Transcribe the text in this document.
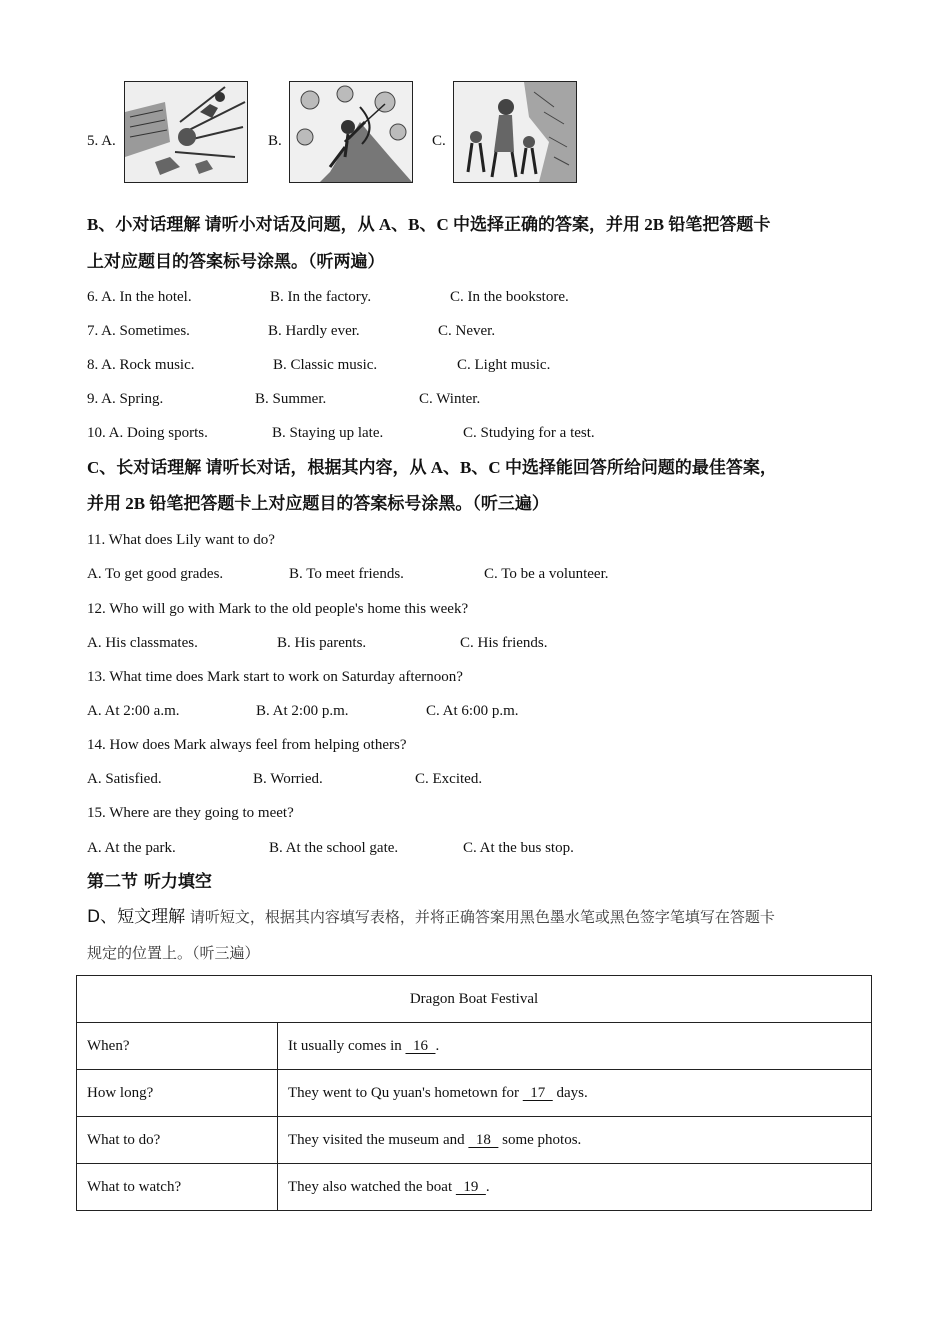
5. A.	B.	C.
B、小对话理解 请听小对话及问题，从 A、B、C 中选择正确的答案，并用 2B 铅笔把答题卡
上对应题目的答案标号涂黑。（听两遍）
6. A. In the hotel.	B. In the factory.	C. In the bookstore.
7. A. Sometimes.	B. Hardly ever.	C. Never.
8. A. Rock music.	B. Classic music.	C. Light music.
9. A. Spring.	B. Summer.	C. Winter.
10. A. Doing sports.	B. Staying up late.	C. Studying for a test.
C、长对话理解 请听长对话，根据其内容，从 A、B、C 中选择能回答所给问题的最佳答案，
并用 2B 铅笔把答题卡上对应题目的答案标号涂黑。（听三遍）
11. What does Lily want to do?
A. To get good grades.	B. To meet friends.	C. To be a volunteer.
12. Who will go with Mark to the old people's home this week?
A. His classmates.	B. His parents.	C. His friends.
13. What time does Mark start to work on Saturday afternoon?
A. At 2:00 a.m.	B. At 2:00 p.m.	C. At 6:00 p.m.
14. How does Mark always feel from helping others?
A. Satisfied.	B. Worried.	C. Excited.
15. Where are they going to meet?
A. At the park.	B. At the school gate.	C. At the bus stop.
第二节 听力填空
D、短文理解 请听短文，根据其内容填写表格，并将正确答案用黑色墨水笔或黑色签字笔填写在答题卡
规定的位置上。（听三遍）
Dragon Boat Festival	
When?	It usually comes in   16  .
How long?	They went to Qu yuan's hometown for   17   days.
What to do?	They visited the museum and   18   some photos.
What to watch?	They also watched the boat   19  .
